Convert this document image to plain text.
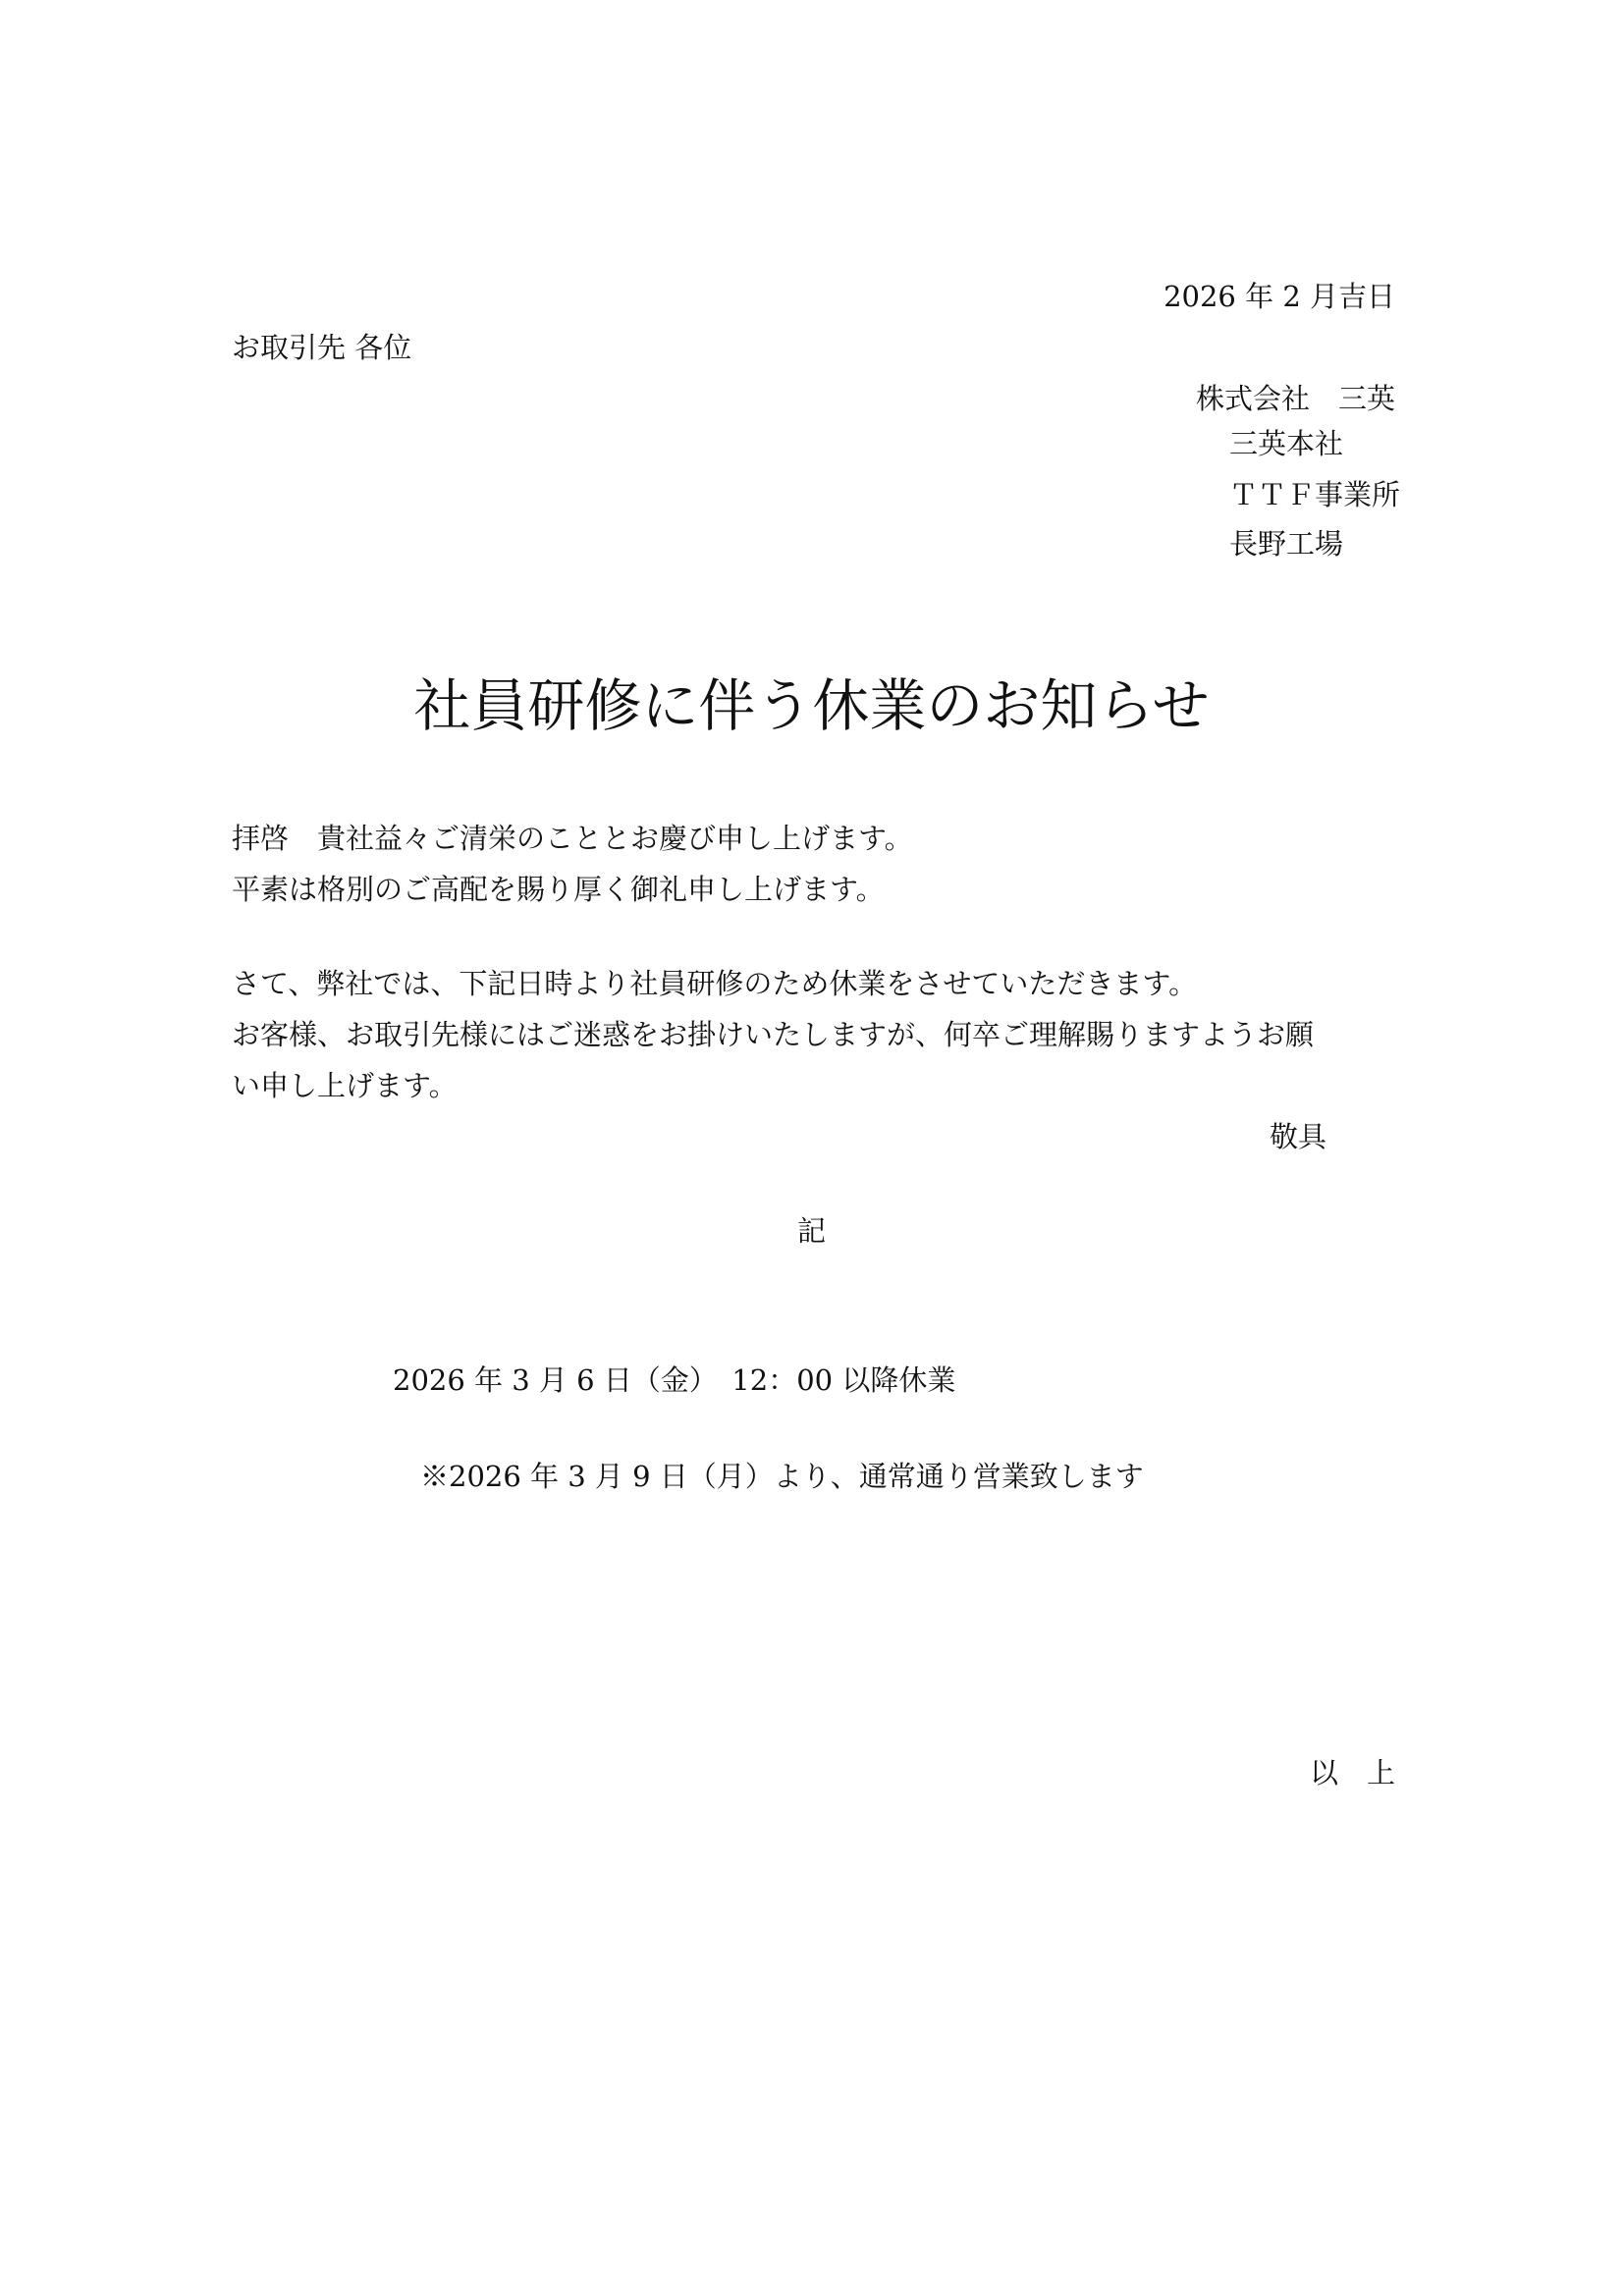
2026 年 2 月吉日

お取引先 各位

株式会社　三英

三英本社

ＴＴＦ事業所

長野工場

社員研修に伴う休業のお知らせ

拝啓　貴社益々ご清栄のこととお慶び申し上げます。

平素は格別のご高配を賜り厚く御礼申し上げます。

さて、弊社では、下記日時より社員研修のため休業をさせていただきます。

お客様、お取引先様にはご迷惑をお掛けいたしますが、何卒ご理解賜りますようお願

い申し上げます。

敬具

記

2026 年 3 月 6 日（金）　12：00 以降休業

※2026 年 3 月 9 日（月）より、通常通り営業致します

以　上
